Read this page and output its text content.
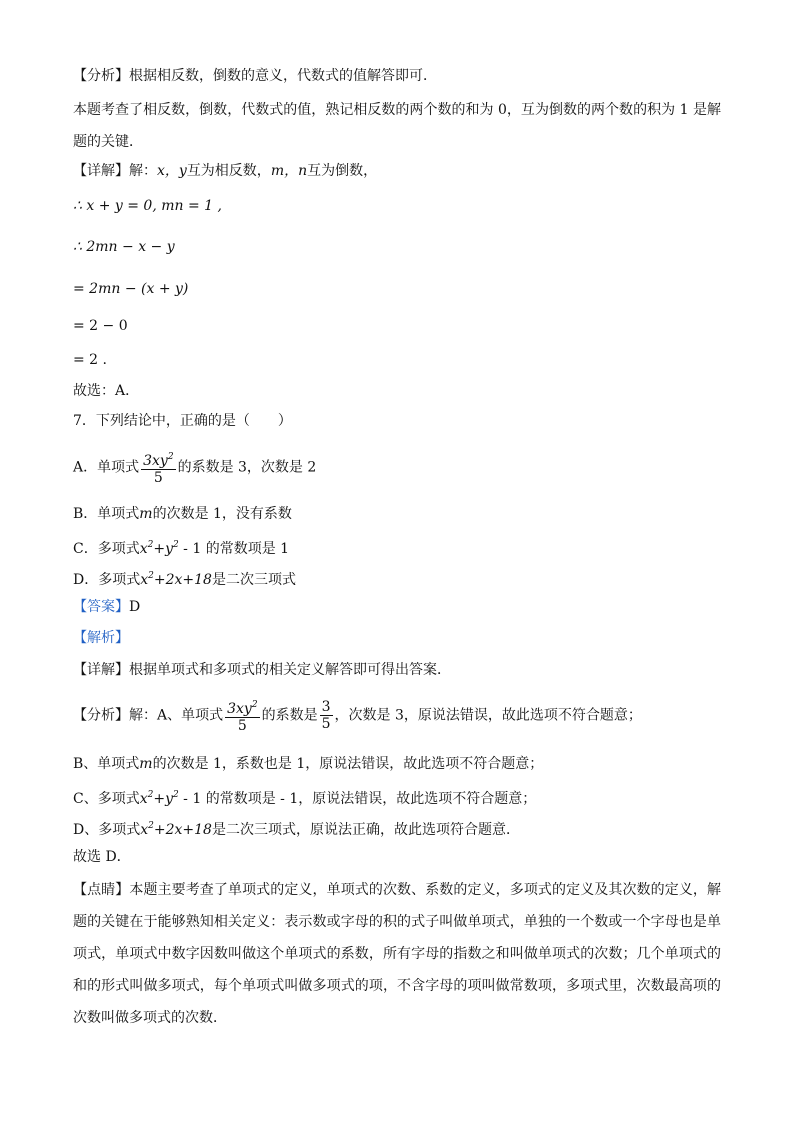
【分析】根据相反数，倒数的意义，代数式的值解答即可．
本题考查了相反数，倒数，代数式的值，熟记相反数的两个数的和为 0，互为倒数的两个数的积为 1 是解题的关键．
【详解】解：x，y互为相反数，m，n互为倒数，
∴ x + y = 0, mn = 1 ,
∴ 2mn − x − y
= 2mn − (x + y)
= 2 − 0
= 2 .
故选：A．
7．下列结论中，正确的是（　　）
A．单项式 $\frac{3xy^2}{5}$ 的系数是 3，次数是 2
B．单项式m的次数是 1，没有系数
C．多项式$x^2+y^2 - 1$ 的常数项是 1
D．多项式$x^2+2x+18$是二次三项式
【答案】D
【解析】
【详解】根据单项式和多项式的相关定义解答即可得出答案．
【分析】解：A、单项式 $\frac{3xy^2}{5}$ 的系数是 $\frac{3}{5}$ ，次数是 3，原说法错误，故此选项不符合题意；
B、单项式m的次数是 1，系数也是 1，原说法错误，故此选项不符合题意；
C、多项式$x^2+y^2 - 1$ 的常数项是 - 1，原说法错误，故此选项不符合题意；
D、多项式$x^2+2x+18$是二次三项式，原说法正确，故此选项符合题意．
故选 D．
【点睛】本题主要考查了单项式的定义，单项式的次数、系数的定义，多项式的定义及其次数的定义，解题的关键在于能够熟知相关定义：表示数或字母的积的式子叫做单项式，单独的一个数或一个字母也是单项式，单项式中数字因数叫做这个单项式的系数，所有字母的指数之和叫做单项式的次数；几个单项式的和的形式叫做多项式，每个单项式叫做多项式的项，不含字母的项叫做常数项，多项式里，次数最高项的次数叫做多项式的次数．
